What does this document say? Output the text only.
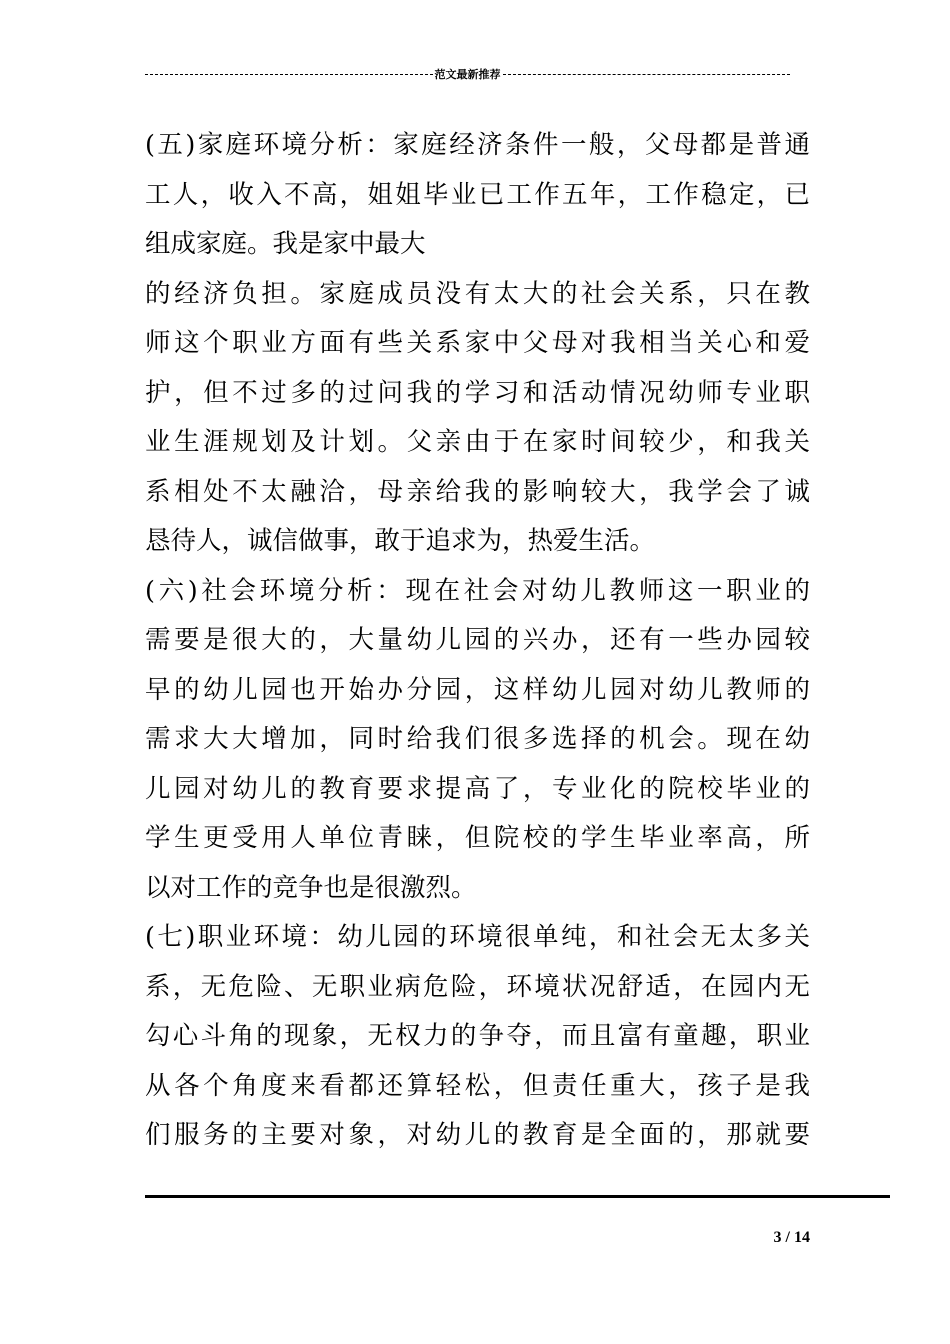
范文最新推荐
(五)家庭环境分析：家庭经济条件一般，父母都是普通
工人，收入不高，姐姐毕业已工作五年，工作稳定，已
组成家庭。我是家中最大
的经济负担。家庭成员没有太大的社会关系，只在教
师这个职业方面有些关系家中父母对我相当关心和爱
护，但不过多的过问我的学习和活动情况幼师专业职
业生涯规划及计划。父亲由于在家时间较少，和我关
系相处不太融洽，母亲给我的影响较大，我学会了诚
恳待人，诚信做事，敢于追求为，热爱生活。
(六)社会环境分析：现在社会对幼儿教师这一职业的
需要是很大的，大量幼儿园的兴办，还有一些办园较
早的幼儿园也开始办分园，这样幼儿园对幼儿教师的
需求大大增加，同时给我们很多选择的机会。现在幼
儿园对幼儿的教育要求提高了，专业化的院校毕业的
学生更受用人单位青睐，但院校的学生毕业率高，所
以对工作的竞争也是很激烈。
(七)职业环境：幼儿园的环境很单纯，和社会无太多关
系，无危险、无职业病危险，环境状况舒适，在园内无
勾心斗角的现象，无权力的争夺，而且富有童趣，职业
从各个角度来看都还算轻松，但责任重大，孩子是我
们服务的主要对象，对幼儿的教育是全面的，那就要
3 / 14
